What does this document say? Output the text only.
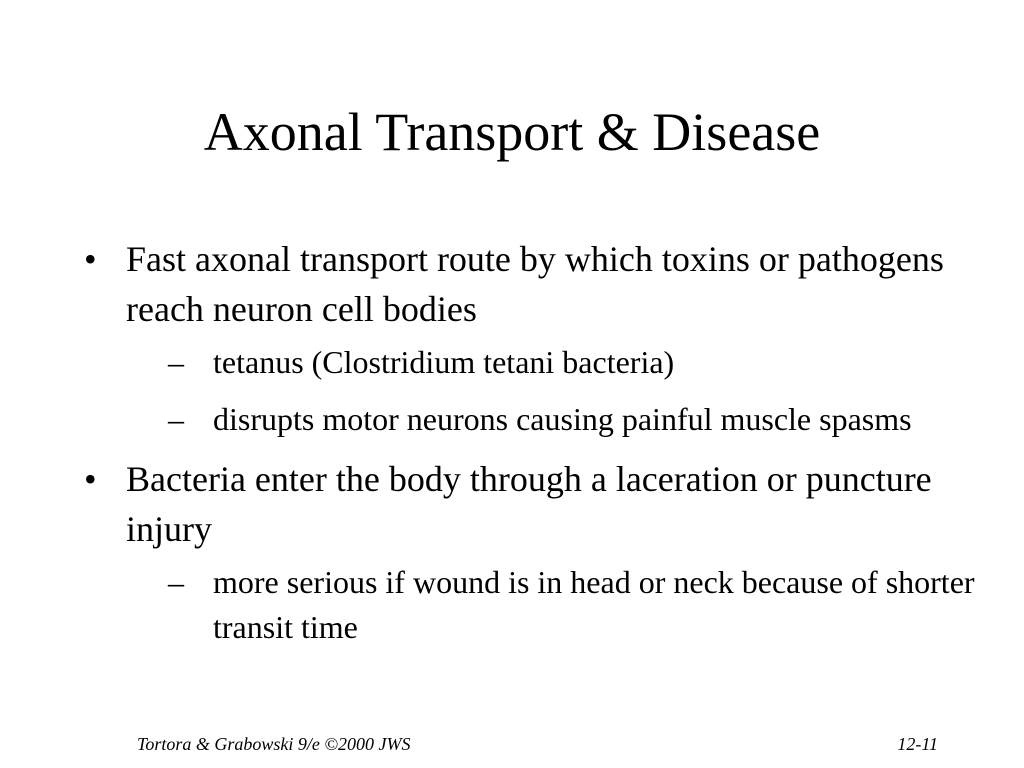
Axonal Transport & Disease
• Fast axonal transport route by which toxins or pathogens reach neuron cell bodies
– tetanus (Clostridium tetani bacteria)
– disrupts motor neurons causing painful muscle spasms
• Bacteria enter the body through a laceration or puncture injury
– more serious if wound is in head or neck because of shorter transit time
Tortora & Grabowski 9/e ©2000 JWS	12-11
